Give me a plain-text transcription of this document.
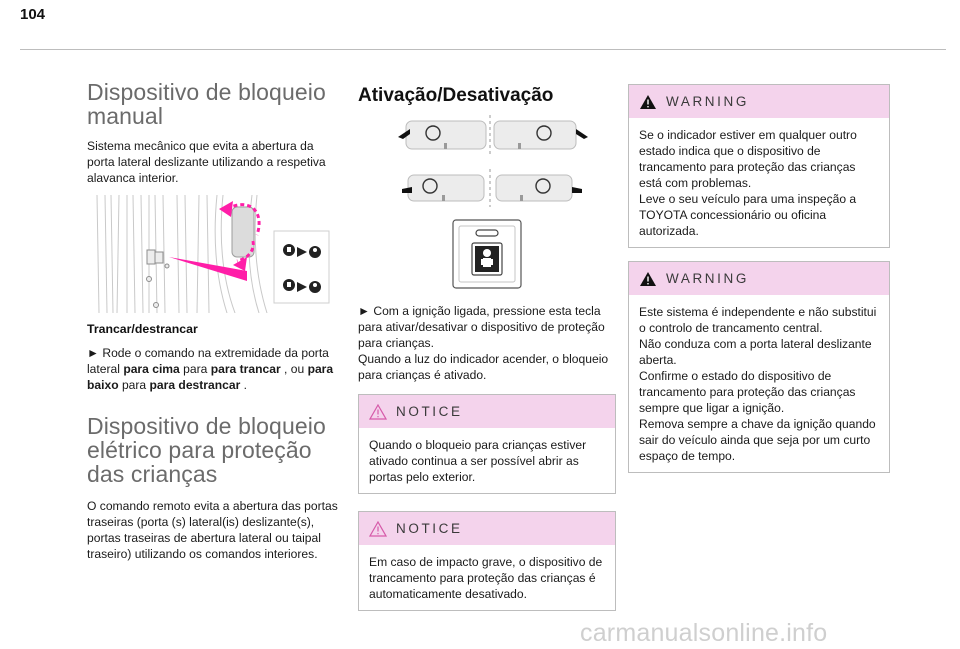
104
Dispositivo de bloqueio manual

Sistema mecânico que evita a abertura da porta lateral deslizante utilizando a respetiva alavanca interior.

Trancar/destrancar

► Rode o comando na extremidade da porta lateral para cima para para trancar , ou para baixo para para destrancar .

Dispositivo de bloqueio elétrico para proteção das crianças

O comando remoto evita a abertura das portas traseiras (porta (s) lateral(is) deslizante(s), portas traseiras de abertura lateral ou taipal traseiro) utilizando os comandos interiores.

Ativação/Desativação

► Com a ignição ligada, pressione esta tecla para ativar/desativar o dispositivo de proteção para crianças.
Quando a luz do indicador acender, o bloqueio para crianças é ativado.

NOTICE

Quando o bloqueio para crianças estiver ativado continua a ser possível abrir as portas pelo exterior.

NOTICE

Em caso de impacto grave, o dispositivo de trancamento para proteção das crianças é automaticamente desativado.

WARNING

Se o indicador estiver em qualquer outro estado indica que o dispositivo de trancamento para proteção das crianças está com problemas.

Leve o seu veículo para uma inspeção a TOYOTA concessionário ou oficina autorizada.

WARNING

Este sistema é independente e não substitui o controlo de trancamento central.

Não conduza com a porta lateral deslizante aberta.

Confirme o estado do dispositivo de trancamento para proteção das crianças sempre que ligar a ignição.

Remova sempre a chave da ignição quando sair do veículo ainda que seja por um curto espaço de tempo.

carmanualsonline.info
